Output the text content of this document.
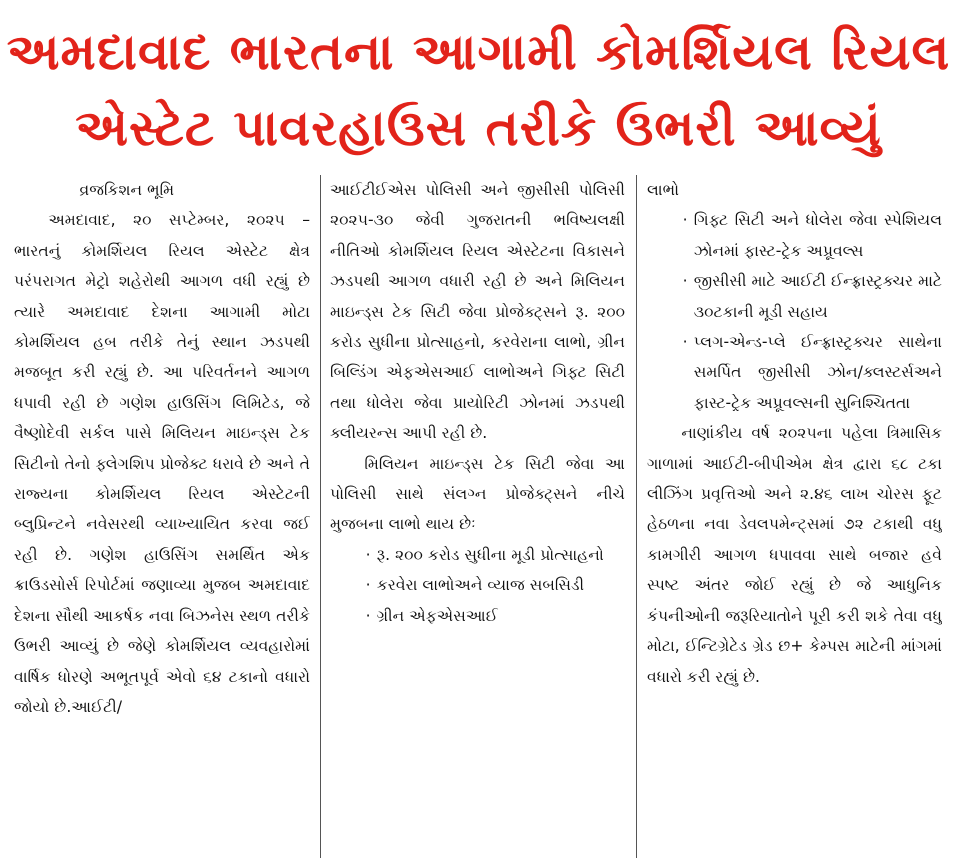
અમદાવાદ ભારતના આગામી કોમર્શિયલ રિયલ
એસ્ટેટ પાવરહાઉસ તરીકે ઉભરી આવ્યું

વ્રજકિશન ભૂમિ

અમદાવાદ, ૨૦ સપ્ટેમ્બર, ૨૦૨૫ – ભારતનું કોમર્શિયલ રિયલ એસ્ટેટ ક્ષેત્ર પરંપરાગત મેટ્રો શહેરોથી આગળ વધી રહ્યું છે ત્યારે અમદાવાદ દેશના આગામી મોટા કોમર્શિયલ હબ તરીકે તેનું સ્થાન ઝડપથી મજબૂત કરી રહ્યું છે. આ પરિવર્તનને આગળ ધપાવી રહી છે ગણેશ હાઉસિંગ લિમિટેડ, જે વૈષ્ણોદેવી સર્કલ પાસે મિલિયન માઇન્ડ્સ ટેક સિટીનો તેનો ફ્લેગશિપ પ્રોજેક્ટ ધરાવે છે અને તે રાજ્યના કોમર્શિયલ રિયલ એસ્ટેટની બ્લુપ્રિન્ટને નવેસરથી વ્યાખ્યાયિત કરવા જઈ રહી છે. ગણેશ હાઉસિંગ સમર્થિત એક ક્રાઉડસોર્સ રિપોર્ટમાં જણાવ્યા મુજબ અમદાવાદ દેશના સૌથી આકર્ષક નવા બિઝનેસ સ્થળ તરીકે ઉભરી આવ્યું છે જેણે કોમર્શિયલ વ્યવહારોમાં વાર્ષિક ધોરણે અભૂતપૂર્વ એવો ૬૪ ટકાનો વધારો જોયો છે.આઈટી/

આઈટીઈએસ પોલિસી અને જીસીસી પોલિસી ૨૦૨૫-૩૦ જેવી ગુજરાતની ભવિષ્યલક્ષી નીતિઓ કોમર્શિયલ રિયલ એસ્ટેટના વિકાસને ઝડપથી આગળ વધારી રહી છે અને મિલિયન માઇન્ડ્સ ટેક સિટી જેવા પ્રોજેક્ટ્સને રૂ. ૨૦૦ કરોડ સુધીના પ્રોત્સાહનો, કરવેરાના લાભો, ગ્રીન બિલ્ડિંગ એફએસઆઈ લાભોઅને ગિફ્ટ સિટી તથા ધોલેરા જેવા પ્રાયોરિટી ઝોનમાં ઝડપથી ક્લીયરન્સ આપી રહી છે.

મિલિયન માઇન્ડ્સ ટેક સિટી જેવા આ પોલિસી સાથે સંલગ્ન પ્રોજેક્ટ્સને નીચે મુજબના લાભો થાય છેઃ

· રૂ. ૨૦૦ કરોડ સુધીના મૂડી પ્રોત્સાહનો
· કરવેરા લાભોઅને વ્યાજ સબસિડી
· ગ્રીન એફએસઆઈ

લાભો

· ગિફ્ટ સિટી અને ધોલેરા જેવા સ્પેશિયલ ઝોનમાં ફાસ્ટ-ટ્રેક અપ્રૂવલ્સ
· જીસીસી માટે આઈટી ઈન્ફ્રાસ્ટ્રક્ચર માટે ૩૦ટકાની મૂડી સહાય
· પ્લગ-એન્ડ-પ્લે ઈન્ફ્રાસ્ટ્રક્ચર સાથેના સમર્પિત જીસીસી ઝોન/ક્લસ્ટર્સઅને ફાસ્ટ-ટ્રેક અપ્રૂવલ્સની સુનિશ્ચિતતા

નાણાંકીય વર્ષ ૨૦૨૫ના પહેલા ત્રિમાસિક ગાળામાં આઈટી-બીપીએમ ક્ષેત્ર દ્વારા ૬૮ ટકા લીઝિંગ પ્રવૃત્તિઓ અને ૨.૪૬ લાખ ચોરસ ફૂટ હેઠળના નવા ડેવલપમેન્ટ્સમાં ૭૨ ટકાથી વધુ કામગીરી આગળ ધપાવવા સાથે બજાર હવે સ્પષ્ટ અંતર જોઈ રહ્યું છે જે આધુનિક કંપનીઓની જરૂરિયાતોને પૂરી કરી શકે તેવા વધુ મોટા, ઈન્ટિગ્રેટેડ ગ્રેડ છ+ કેમ્પસ માટેની માંગમાં વધારો કરી રહ્યું છે.
